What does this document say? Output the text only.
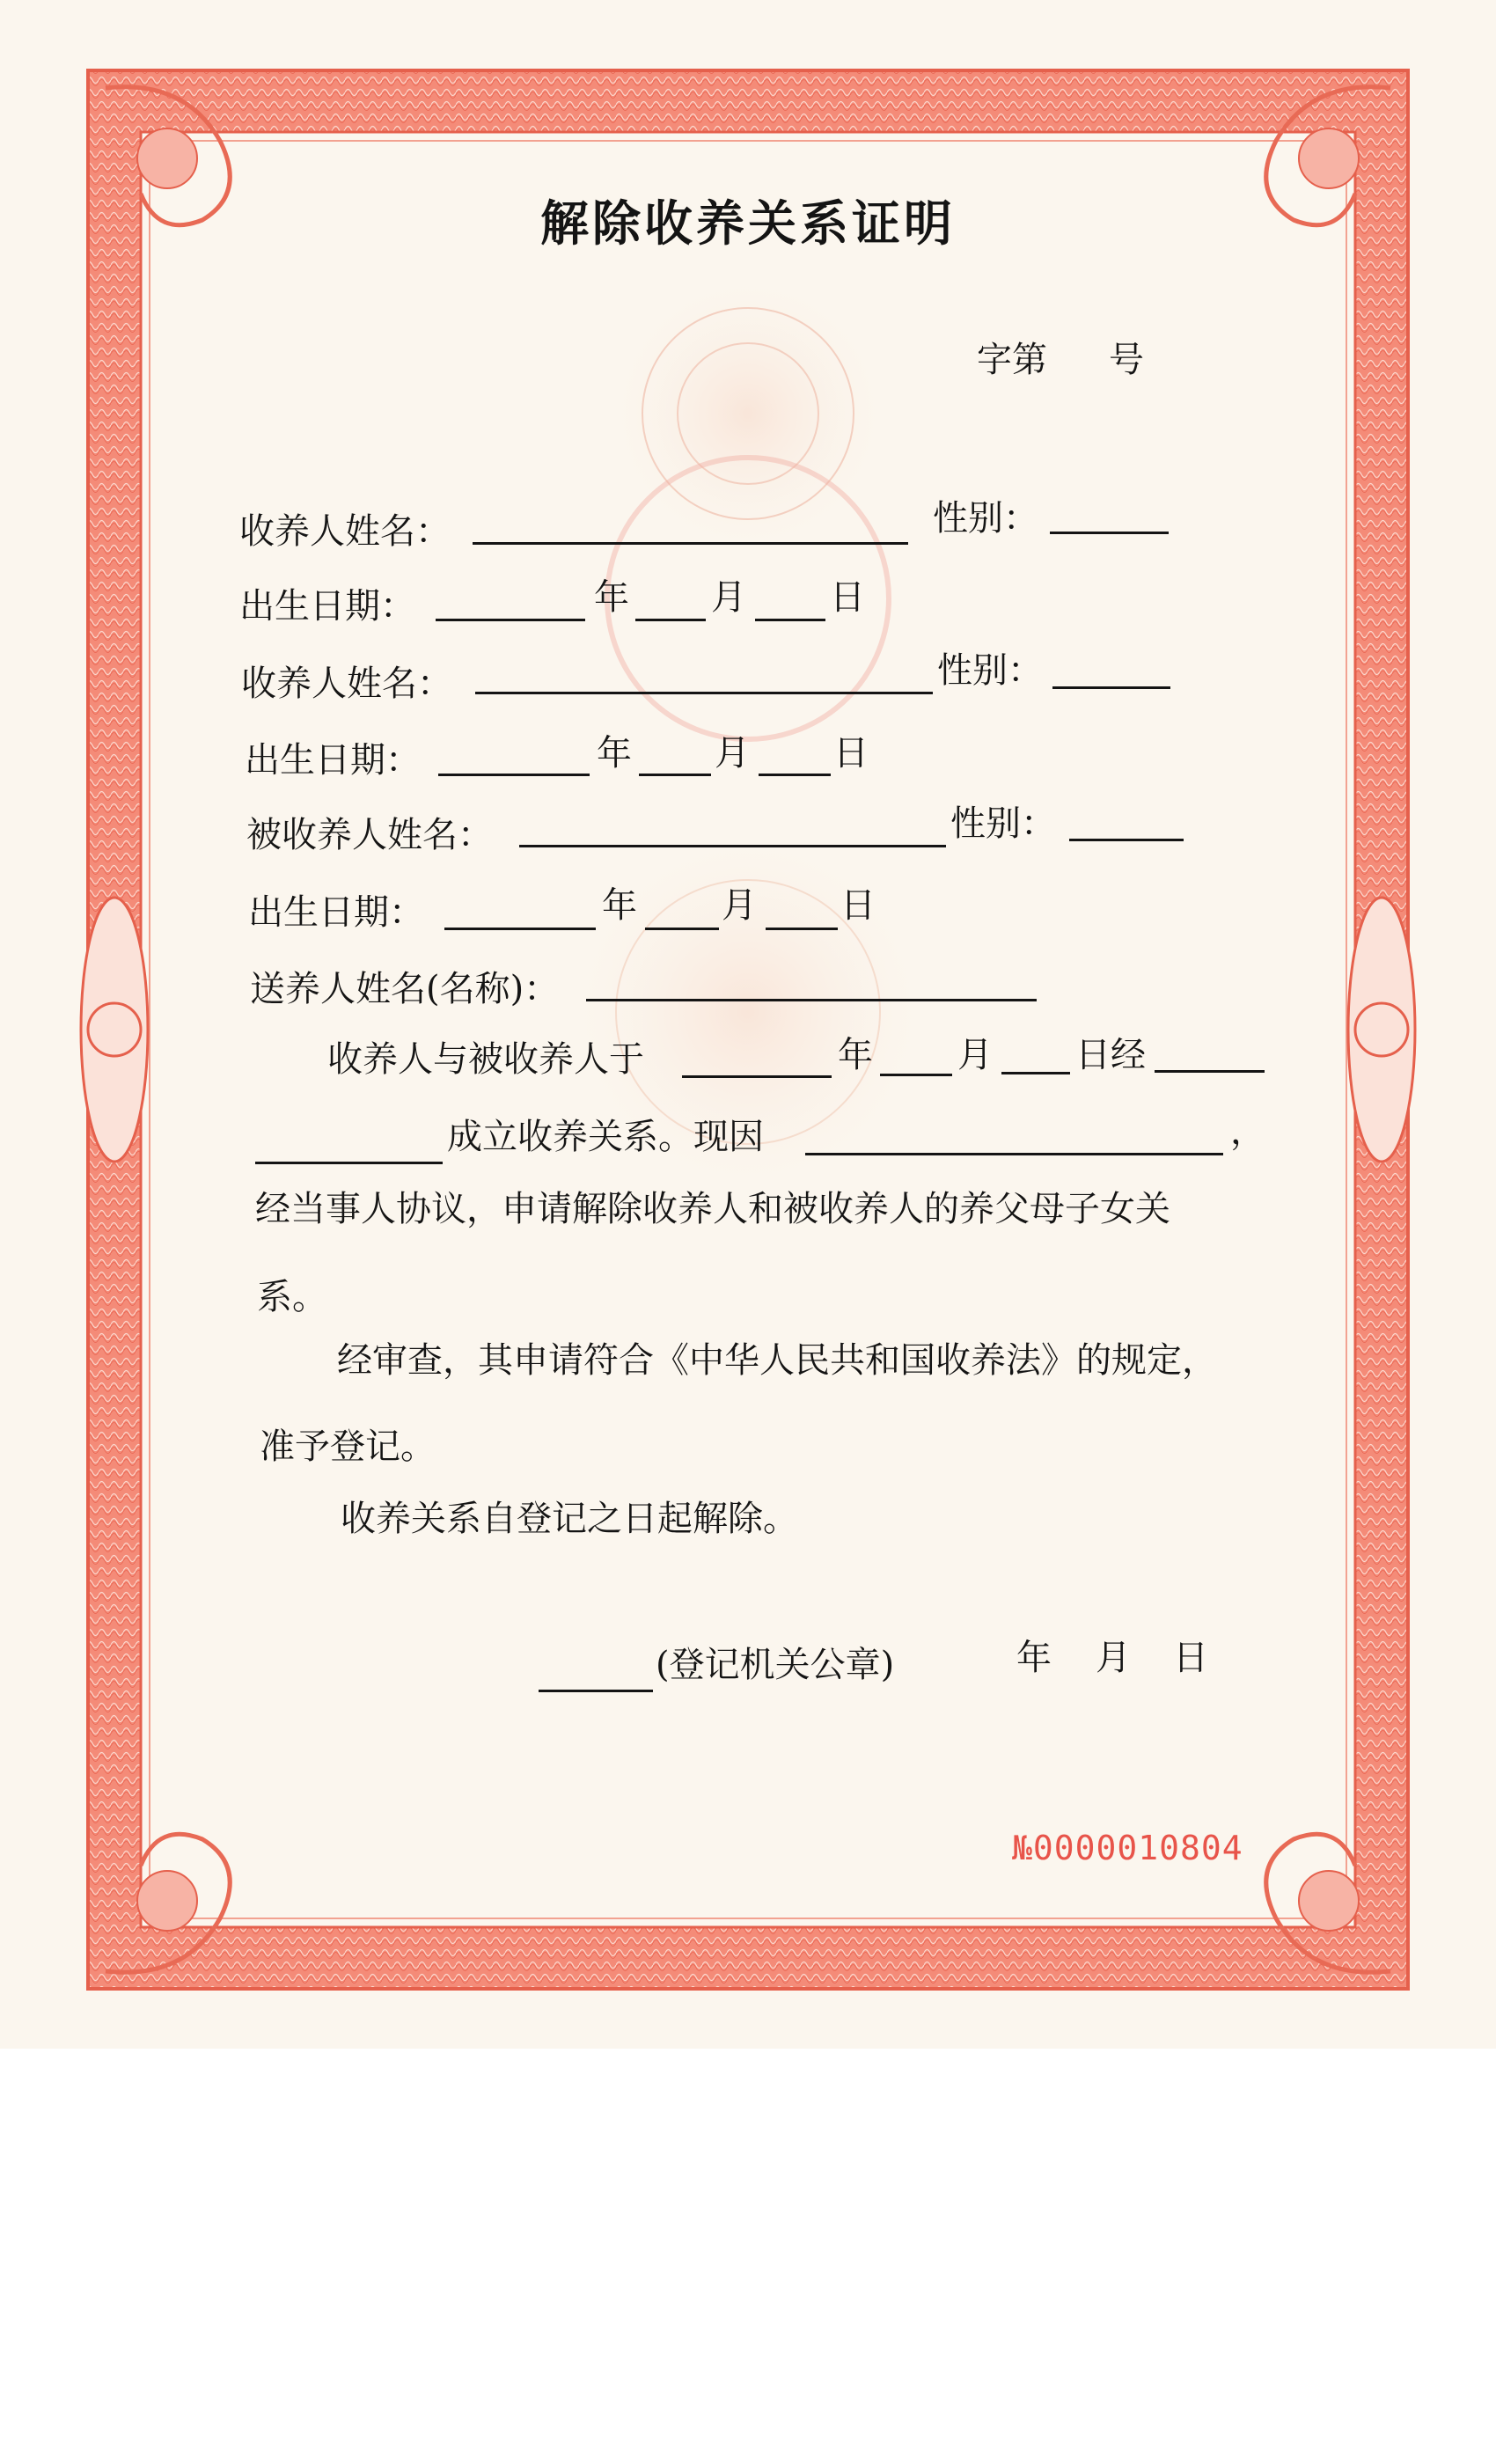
解除收养关系证明
字第 号
收养人姓名：	性别：
出生日期：	年 月 日
收养人姓名：	性别：
出生日期：	年 月 日
被收养人姓名：	性别：
出生日期：	年 月 日
送养人姓名(名称)：
收养人与被收养人于	年 月 日经
成立收养关系。现因	，
经当事人协议，申请解除收养人和被收养人的养父母子女关
系。
经审查，其申请符合《中华人民共和国收养法》的规定，
准予登记。
收养关系自登记之日起解除。
(登记机关公章)	年 月 日
№0000010804
